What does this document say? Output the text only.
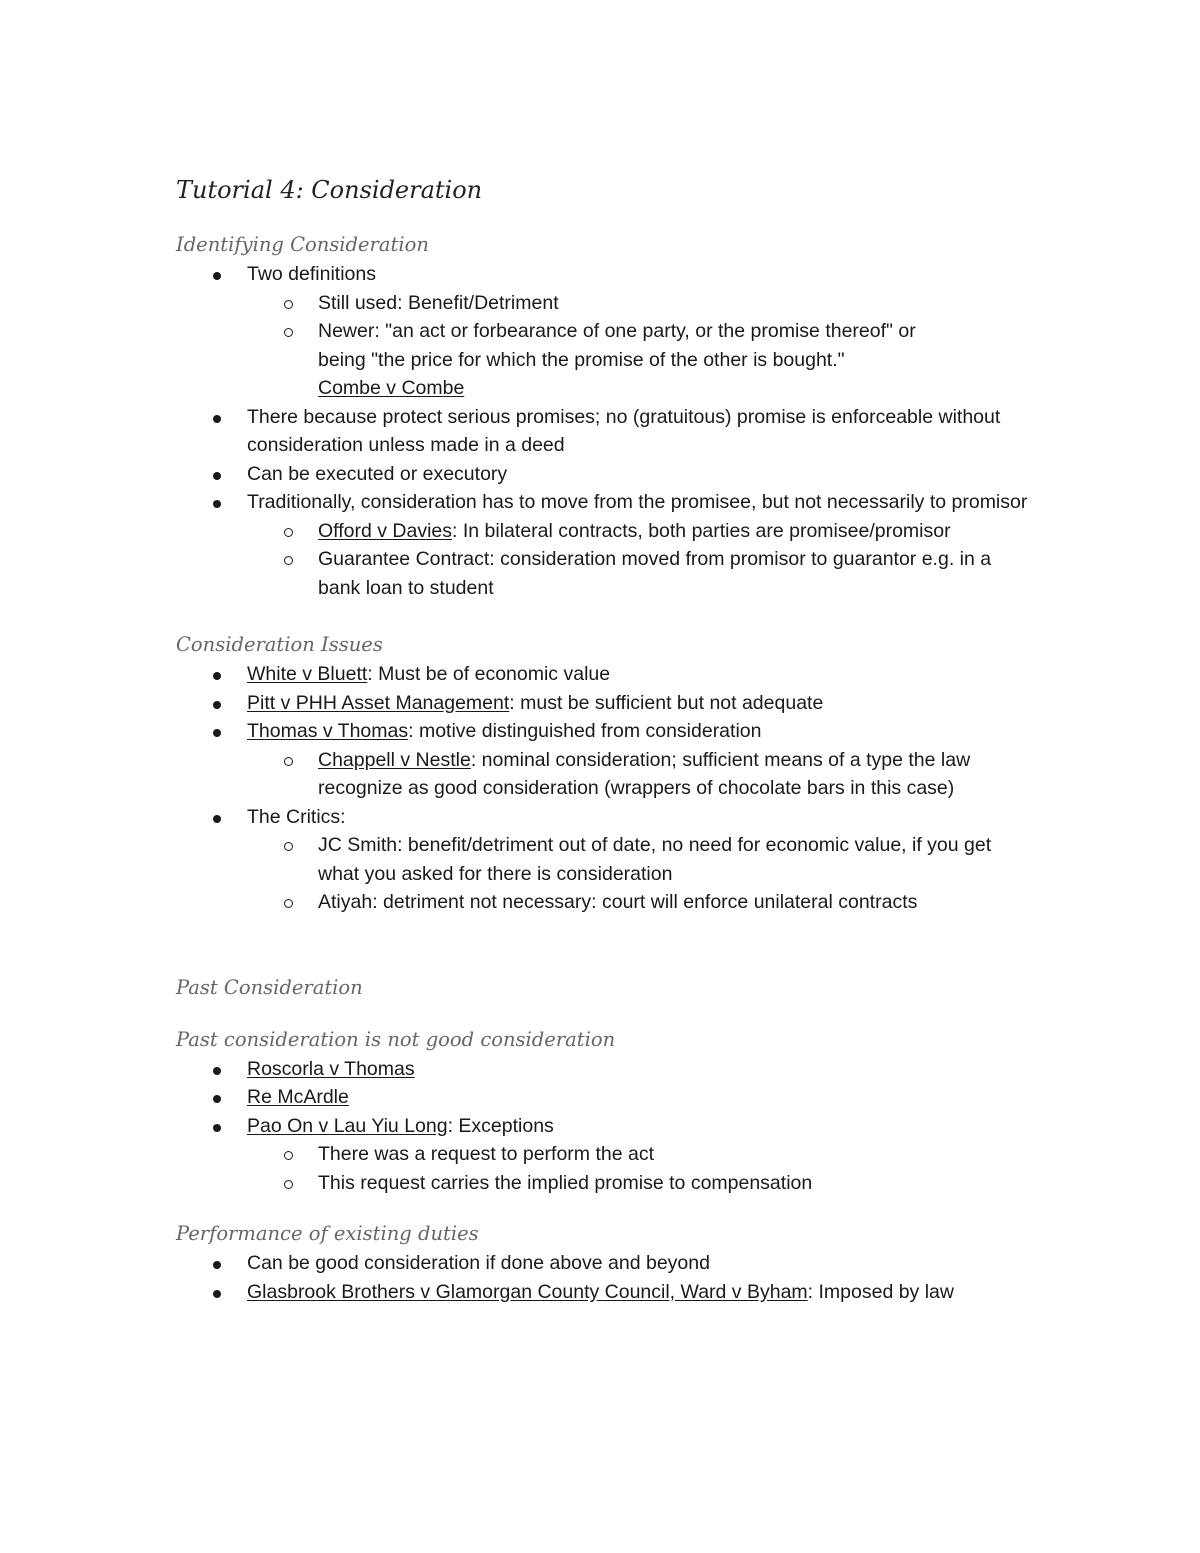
Tutorial 4: Consideration
Identifying Consideration
Two definitions
Still used: Benefit/Detriment
Newer: "an act or forbearance of one party, or the promise thereof" or
being "the price for which the promise of the other is bought."
Combe v Combe
There because protect serious promises; no (gratuitous) promise is enforceable without consideration unless made in a deed
Can be executed or executory
Traditionally, consideration has to move from the promisee, but not necessarily to promisor
Offord v Davies: In bilateral contracts, both parties are promisee/promisor
Guarantee Contract: consideration moved from promisor to guarantor e.g. in a bank loan to student
Consideration Issues
White v Bluett: Must be of economic value
Pitt v PHH Asset Management: must be sufficient but not adequate
Thomas v Thomas: motive distinguished from consideration
Chappell v Nestle: nominal consideration; sufficient means of a type the law recognize as good consideration (wrappers of chocolate bars in this case)
The Critics:
JC Smith: benefit/detriment out of date, no need for economic value, if you get what you asked for there is consideration
Atiyah: detriment not necessary: court will enforce unilateral contracts
Past Consideration
Past consideration is not good consideration
Roscorla v Thomas
Re McArdle
Pao On v Lau Yiu Long: Exceptions
There was a request to perform the act
This request carries the implied promise to compensation
Performance of existing duties
Can be good consideration if done above and beyond
Glasbrook Brothers v Glamorgan County Council, Ward v Byham: Imposed by law
